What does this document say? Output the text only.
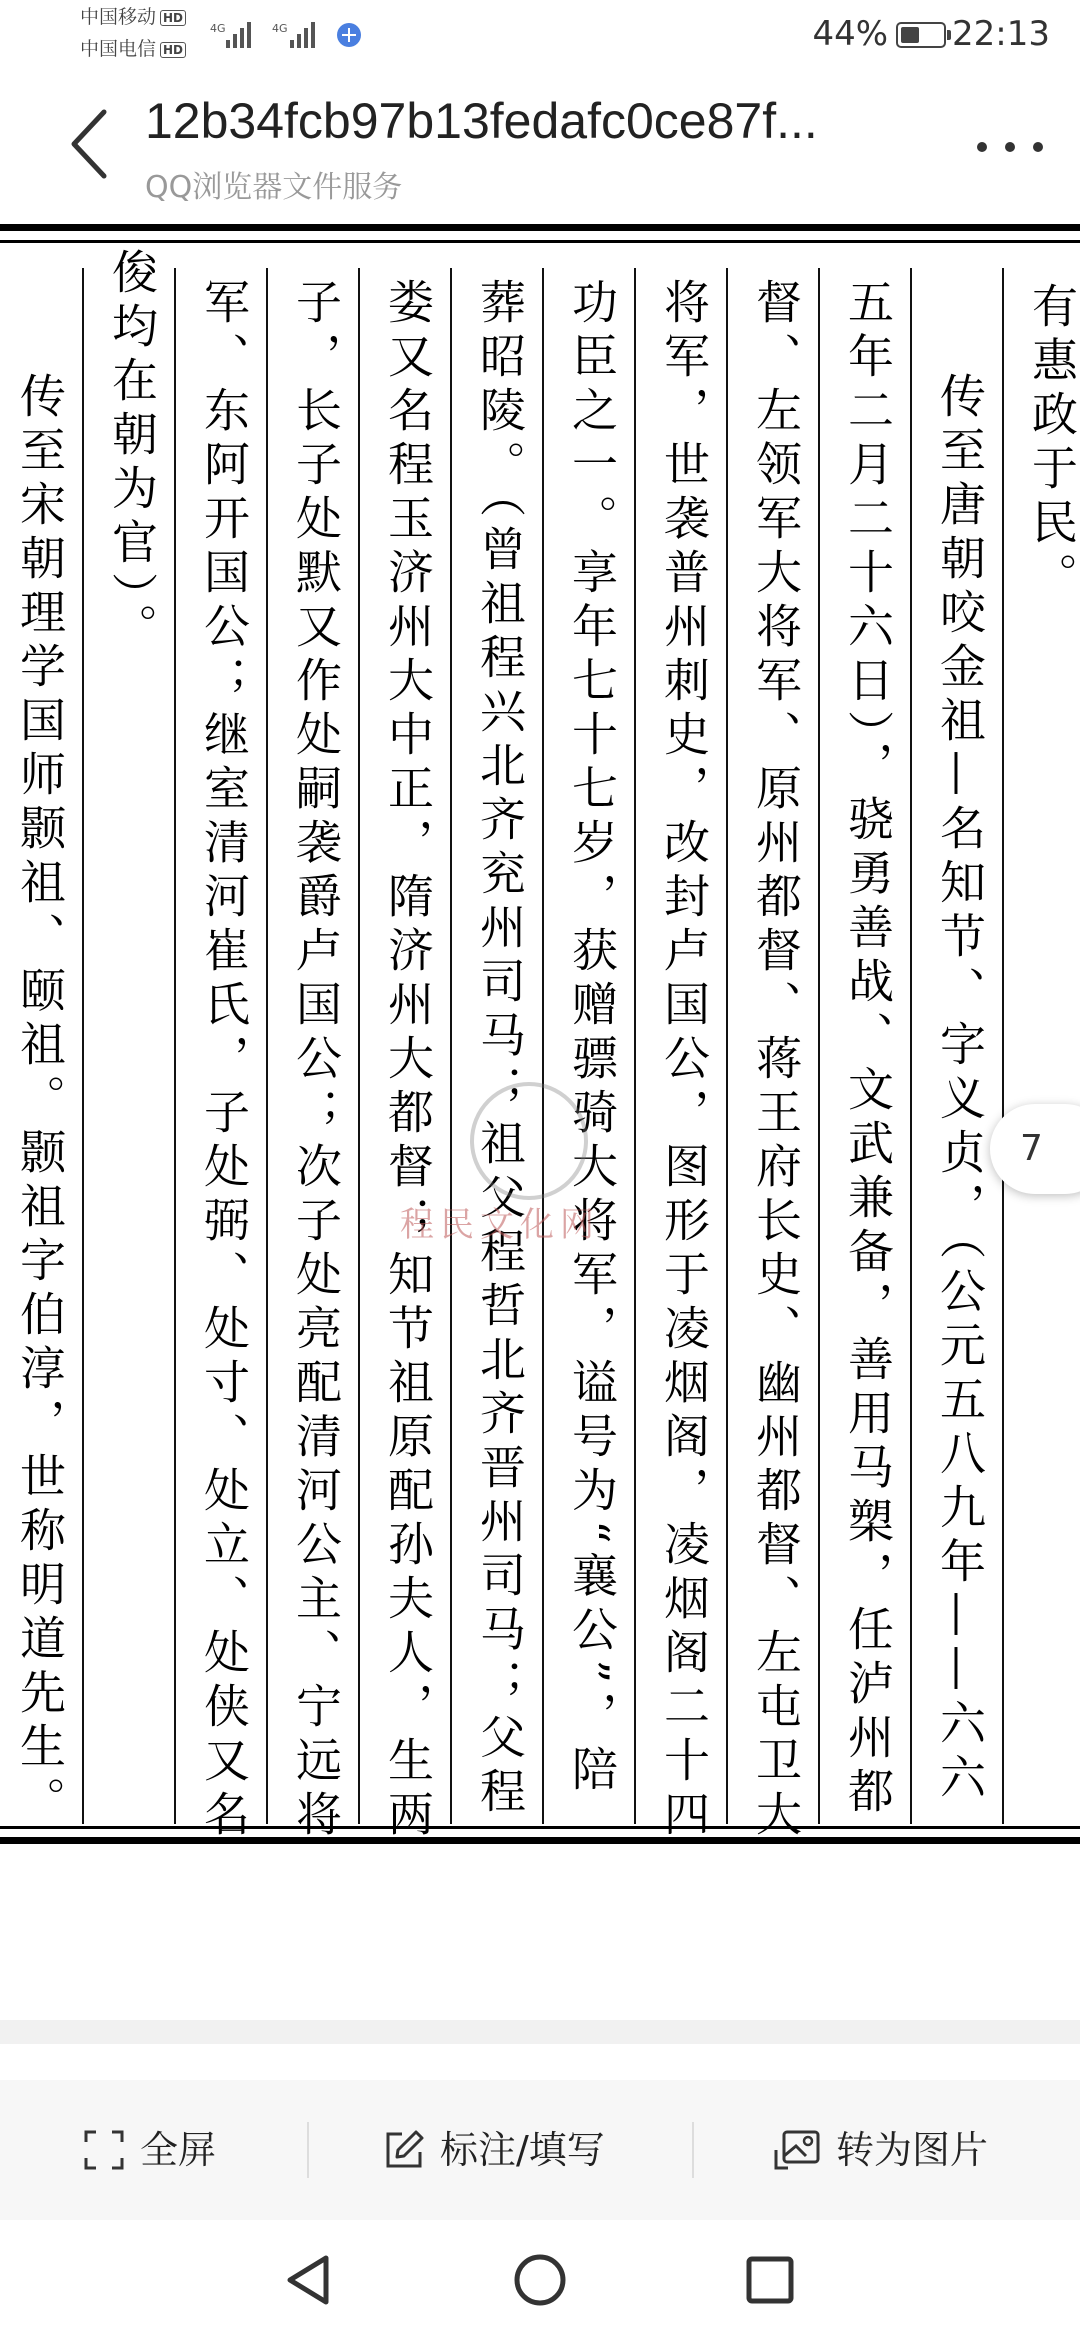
中国移动 HD
中国电信 HD
4G	4G	44% 22:13
12b34fcb97b13fedafc0ce87f...
QQ浏览器文件服务
有惠政于民。
传至唐朝咬金祖—名知节、字义贞，（公元五八九年——六六
五年二月二十六日），骁勇善战、文武兼备，善用马槊，任泸州都
督、左领军大将军、原州都督、蒋王府长史、幽州都督、左屯卫大
将军，世袭普州刺史，改封卢国公，图形于凌烟阁，凌烟阁二十四
功臣之一。享年七十七岁，获赠骠骑大将军，谥号为“襄公”，陪
葬昭陵。（曾祖程兴北齐兖州司马；祖父程哲北齐晋州司马；父程
娄又名程玉济州大中正，隋济州大都督；知节祖原配孙夫人，生两
子，长子处默又作处嗣袭爵卢国公；次子处亮配清河公主、宁远将
军、东阿开国公；继室清河崔氏，子处弼、处寸、处立、处侠又名
俊均在朝为官）。
传至宋朝理学国师颢祖、颐祖。颢祖字伯淳，世称明道先生。	程民文化网
7
全屏	标注/填写	转为图片
